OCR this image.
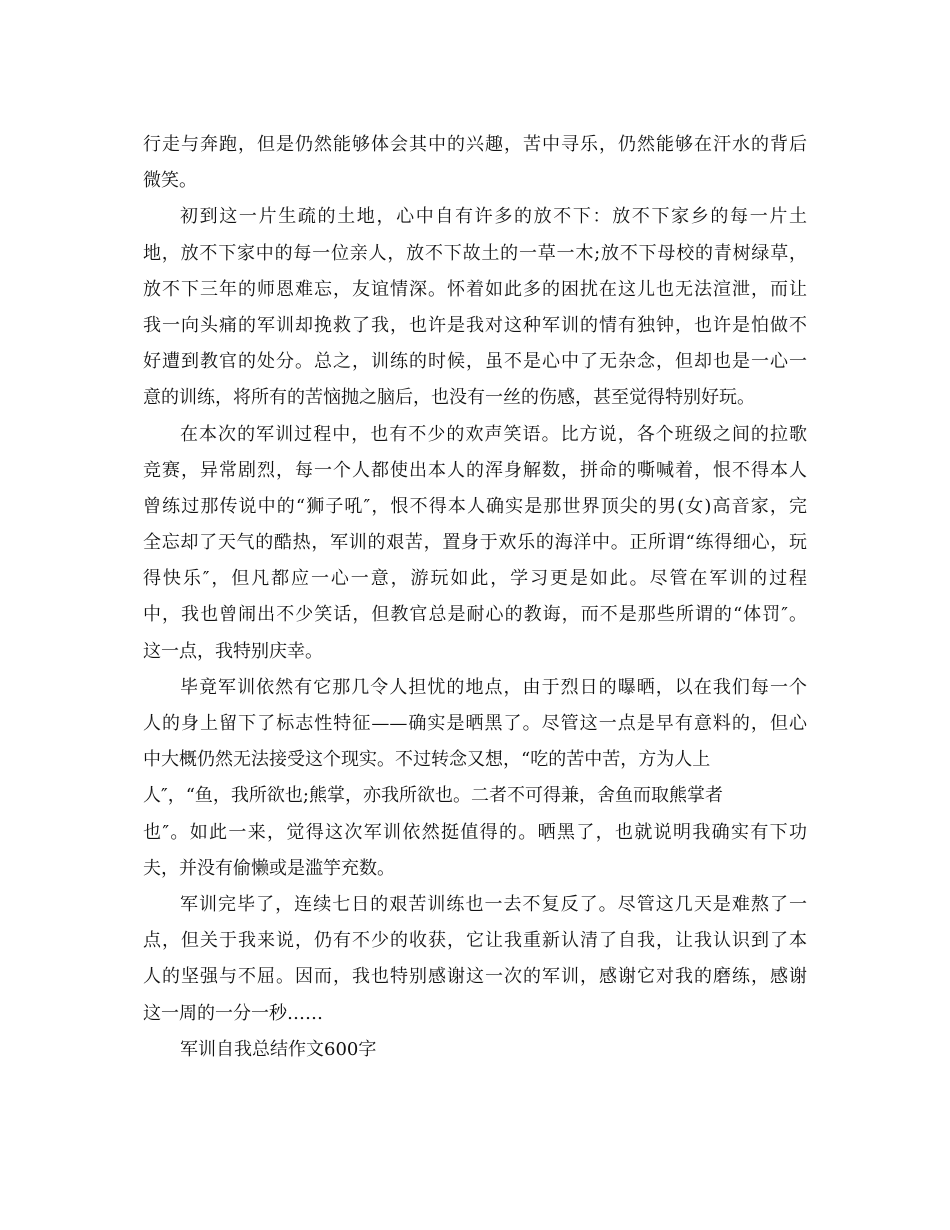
行走与奔跑，但是仍然能够体会其中的兴趣，苦中寻乐，仍然能够在汗水的背后
微笑。
初到这一片生疏的土地，心中自有许多的放不下：放不下家乡的每一片土
地，放不下家中的每一位亲人，放不下故土的一草一木;放不下母校的青树绿草，
放不下三年的师恩难忘，友谊情深。怀着如此多的困扰在这儿也无法渲泄，而让
我一向头痛的军训却挽救了我，也许是我对这种军训的情有独钟，也许是怕做不
好遭到教官的处分。总之，训练的时候，虽不是心中了无杂念，但却也是一心一
意的训练，将所有的苦恼抛之脑后，也没有一丝的伤感，甚至觉得特别好玩。
在本次的军训过程中，也有不少的欢声笑语。比方说，各个班级之间的拉歌
竞赛，异常剧烈，每一个人都使出本人的浑身解数，拼命的嘶喊着，恨不得本人
曾练过那传说中的“狮子吼″，恨不得本人确实是那世界顶尖的男(女)高音家，完
全忘却了天气的酷热，军训的艰苦，置身于欢乐的海洋中。正所谓“练得细心，玩
得快乐″，但凡都应一心一意，游玩如此，学习更是如此。尽管在军训的过程
中，我也曾闹出不少笑话，但教官总是耐心的教诲，而不是那些所谓的“体罚″。
这一点，我特别庆幸。
毕竟军训依然有它那几令人担忧的地点，由于烈日的曝晒，以在我们每一个
人的身上留下了标志性特征——确实是晒黑了。尽管这一点是早有意料的，但心
中大概仍然无法接受这个现实。不过转念又想，“吃的苦中苦，方为人上
人″，“鱼，我所欲也;熊掌，亦我所欲也。二者不可得兼，舍鱼而取熊掌者
也″。如此一来，觉得这次军训依然挺值得的。晒黑了，也就说明我确实有下功
夫，并没有偷懒或是滥竽充数。
军训完毕了，连续七日的艰苦训练也一去不复反了。尽管这几天是难熬了一
点，但关于我来说，仍有不少的收获，它让我重新认清了自我，让我认识到了本
人的坚强与不屈。因而，我也特别感谢这一次的军训，感谢它对我的磨练，感谢
这一周的一分一秒……
军训自我总结作文600字
